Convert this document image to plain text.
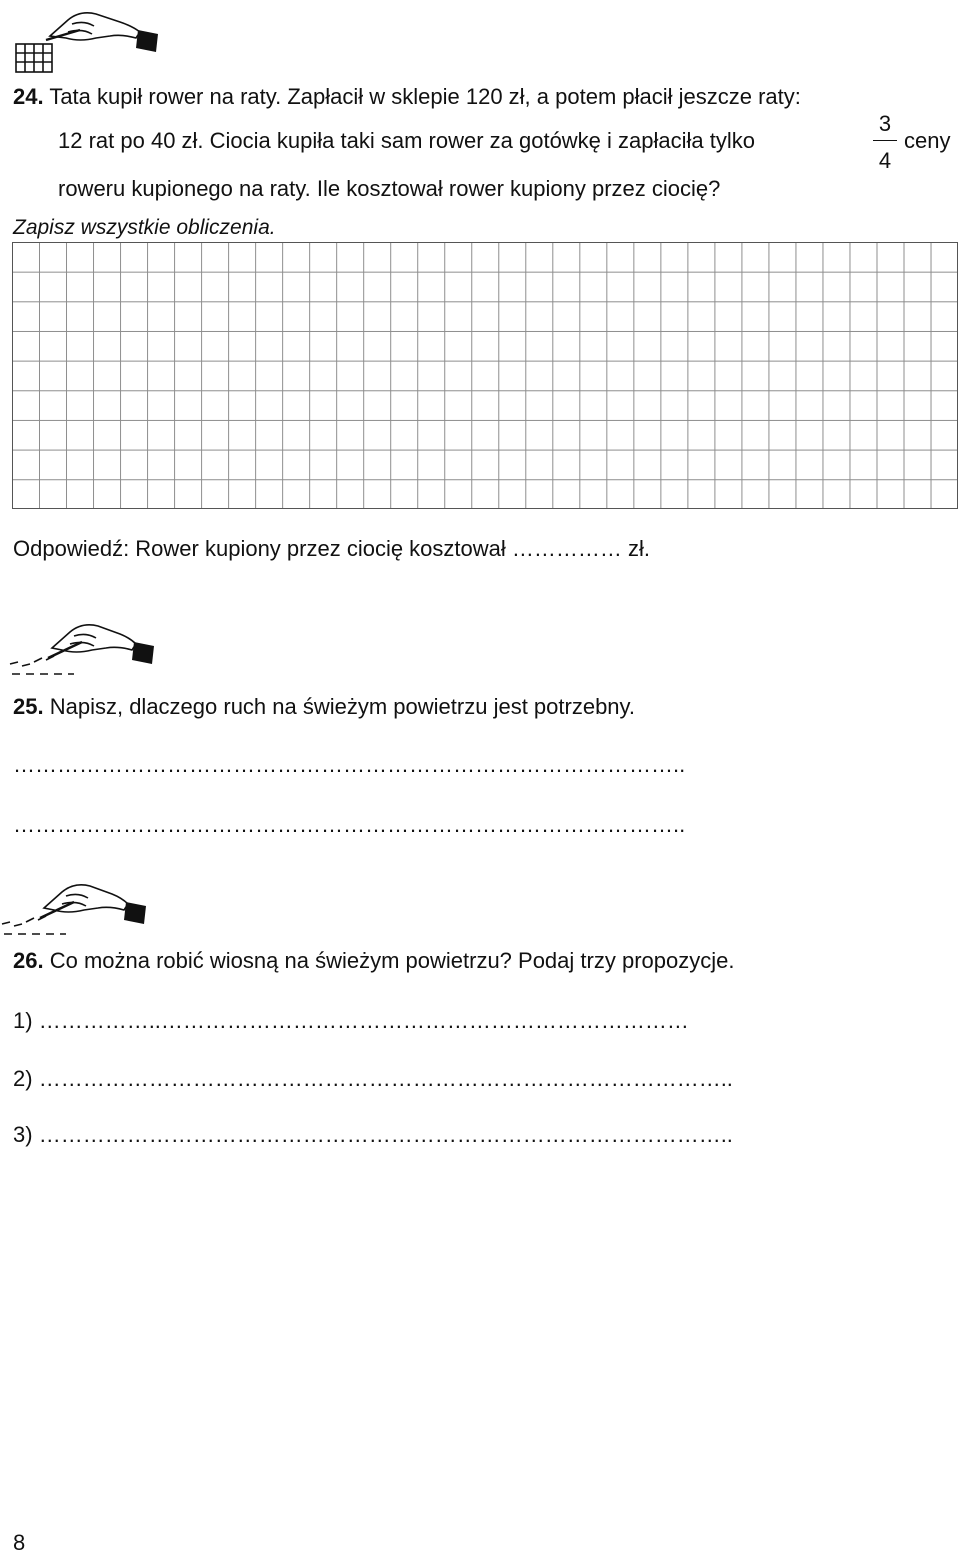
24. Tata kupił rower na raty. Zapłacił w sklepie 120 zł, a potem płacił jeszcze raty:
12 rat po 40 zł. Ciocia kupiła taki sam rower za gotówkę i zapłaciła tylko
3
4
ceny
roweru kupionego na raty. Ile kosztował rower kupiony przez ciocię?
Zapisz wszystkie obliczenia.
Odpowiedź: Rower kupiony przez ciocię kosztował …………… zł.
25. Napisz, dlaczego ruch na świeżym powietrzu jest potrzebny.
………………………………………………………………………………..
………………………………………………………………………………..
26. Co można robić wiosną na świeżym powietrzu? Podaj trzy propozycje.
1) ……………..………………………………………………………………
2) …………………………………………………………………………………..
3) …………………………………………………………………………………..
8
